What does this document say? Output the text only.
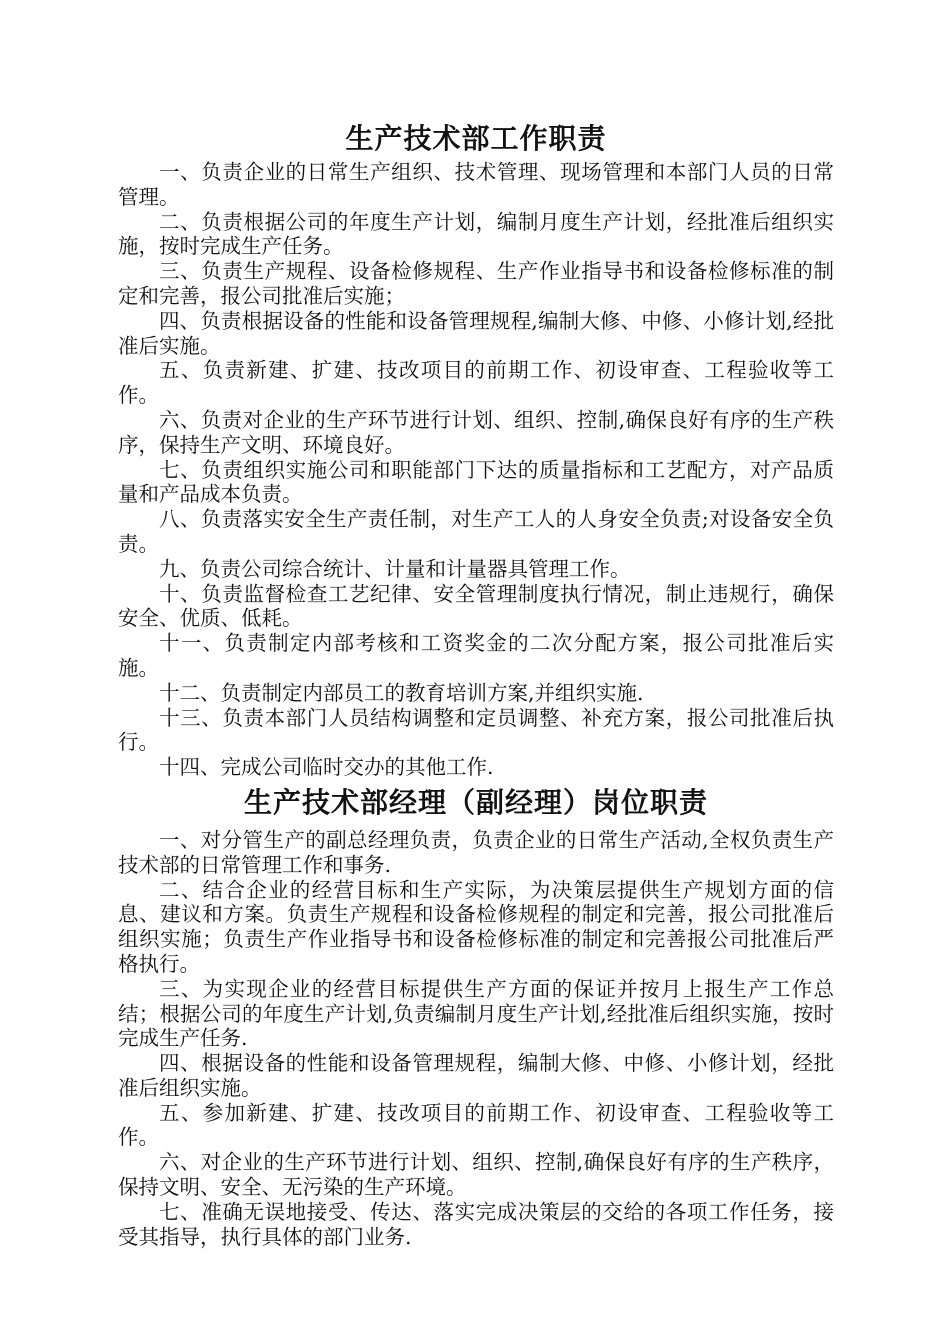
生产技术部工作职责

一、负责企业的日常生产组织、技术管理、现场管理和本部门人员的日常管理。

二、负责根据公司的年度生产计划，编制月度生产计划，经批准后组织实施，按时完成生产任务。

三、负责生产规程、设备检修规程、生产作业指导书和设备检修标准的制定和完善，报公司批准后实施；

四、负责根据设备的性能和设备管理规程,编制大修、中修、小修计划,经批准后实施。

五、负责新建、扩建、技改项目的前期工作、初设审查、工程验收等工作。

六、负责对企业的生产环节进行计划、组织、控制,确保良好有序的生产秩序，保持生产文明、环境良好。

七、负责组织实施公司和职能部门下达的质量指标和工艺配方，对产品质量和产品成本负责。

八、负责落实安全生产责任制，对生产工人的人身安全负责;对设备安全负责。

九、负责公司综合统计、计量和计量器具管理工作。

十、负责监督检查工艺纪律、安全管理制度执行情况，制止违规行，确保安全、优质、低耗。

十一、负责制定内部考核和工资奖金的二次分配方案，报公司批准后实施。

十二、负责制定内部员工的教育培训方案,并组织实施.

十三、负责本部门人员结构调整和定员调整、补充方案，报公司批准后执行。

十四、完成公司临时交办的其他工作.

生产技术部经理（副经理）岗位职责

一、对分管生产的副总经理负责，负责企业的日常生产活动,全权负责生产技术部的日常管理工作和事务.

二、结合企业的经营目标和生产实际，为决策层提供生产规划方面的信息、建议和方案。负责生产规程和设备检修规程的制定和完善，报公司批准后组织实施；负责生产作业指导书和设备检修标准的制定和完善报公司批准后严格执行。

三、为实现企业的经营目标提供生产方面的保证并按月上报生产工作总结；根据公司的年度生产计划,负责编制月度生产计划,经批准后组织实施，按时完成生产任务.

四、根据设备的性能和设备管理规程，编制大修、中修、小修计划，经批准后组织实施。

五、参加新建、扩建、技改项目的前期工作、初设审查、工程验收等工作。

六、对企业的生产环节进行计划、组织、控制,确保良好有序的生产秩序，保持文明、安全、无污染的生产环境。

七、准确无误地接受、传达、落实完成决策层的交给的各项工作任务，接受其指导，执行具体的部门业务.
